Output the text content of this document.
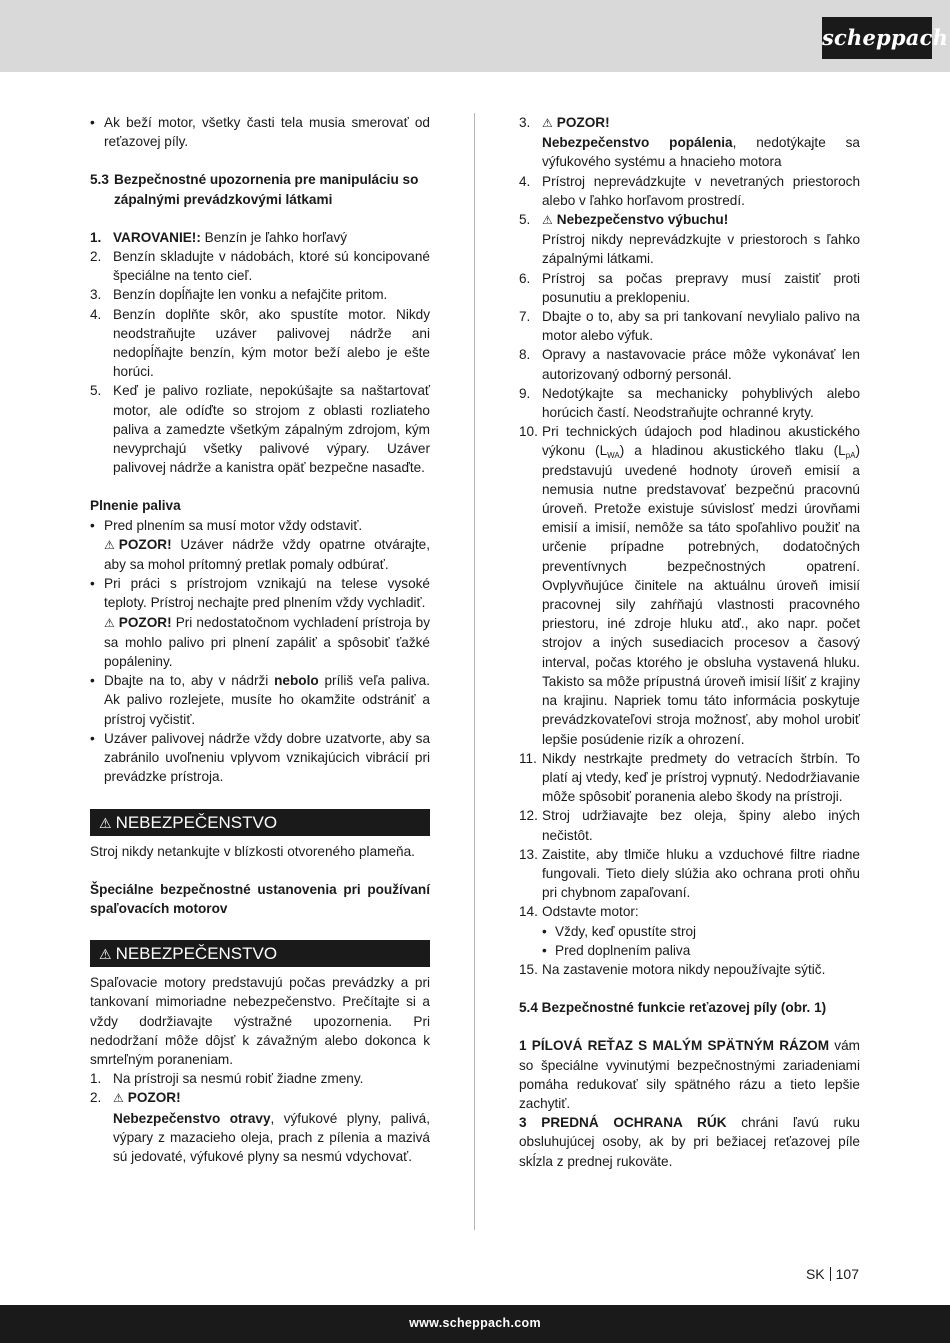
scheppach
• Ak beží motor, všetky časti tela musia smerovať od reťazovej píly.
5.3 Bezpečnostné upozornenia pre manipuláciu so zápalnými prevádzkovými látkami
1. VAROVANIE!: Benzín je ľahko horľavý
2. Benzín skladujte v nádobách, ktoré sú koncipované špeciálne na tento cieľ.
3. Benzín dopĺňajte len vonku a nefajčite pritom.
4. Benzín doplňte skôr, ako spustíte motor. Nikdy neodstraňujte uzáver palivovej nádrže ani nedopĺňajte benzín, kým motor beží alebo je ešte horúci.
5. Keď je palivo rozliate, nepokúšajte sa naštartovať motor, ale odíďte so strojom z oblasti rozliateho paliva a zamedzte všetkým zápalným zdrojom, kým nevyprchajú všetky palivové výpary. Uzáver palivovej nádrže a kanistra opäť bezpečne nasaďte.
Plnenie paliva
• Pred plnením sa musí motor vždy odstaviť.
⚠ POZOR! Uzáver nádrže vždy opatrne otvárajte, aby sa mohol prítomný pretlak pomaly odbúrať.
• Pri práci s prístrojom vznikajú na telese vysoké teploty. Prístroj nechajte pred plnením vždy vychladiť.
⚠ POZOR! Pri nedostatočnom vychladení prístroja by sa mohlo palivo pri plnení zapáliť a spôsobiť ťažké popáleniny.
• Dbajte na to, aby v nádrži nebolo príliš veľa paliva. Ak palivo rozlejete, musíte ho okamžite odstrániť a prístroj vyčistiť.
• Uzáver palivovej nádrže vždy dobre uzatvorte, aby sa zabránilo uvoľneniu vplyvom vznikajúcich vibrácií pri prevádzke prístroja.
⚠ NEBEZPEČENSTVO

Stroj nikdy netankujte v blízkosti otvoreného plameňa.

Špeciálne bezpečnostné ustanovenia pri používaní spaľovacích motorov
⚠ NEBEZPEČENSTVO

Spaľovacie motory predstavujú počas prevádzky a pri tankovaní mimoriadne nebezpečenstvo. Prečítajte si a vždy dodržiavajte výstražné upozornenia. Pri nedodržaní môže dôjsť k závažným alebo dokonca k smrteľným poraneniam.

1. Na prístroji sa nesmú robiť žiadne zmeny.
2. ⚠ POZOR!
Nebezpečenstvo otravy, výfukové plyny, palivá, výpary z mazacieho oleja, prach z pílenia a mazivá sú jedovaté, výfukové plyny sa nesmú vdychovať.
3. ⚠ POZOR!
Nebezpečenstvo popálenia, nedotýkajte sa výfukového systému a hnacieho motora
4. Prístroj neprevádzkujte v nevetraných priestoroch alebo v ľahko horľavom prostredí.
5. ⚠ Nebezpečenstvo výbuchu!
Prístroj nikdy neprevádzkujte v priestoroch s ľahko zápalnými látkami.
6. Prístroj sa počas prepravy musí zaistiť proti posunutiu a preklopeniu.
7. Dbajte o to, aby sa pri tankovaní nevylialo palivo na motor alebo výfuk.
8. Opravy a nastavovacie práce môže vykonávať len autorizovaný odborný personál.
9. Nedotýkajte sa mechanicky pohyblivých alebo horúcich častí. Neodstraňujte ochranné kryty.
10. Pri technických údajoch pod hladinou akustického výkonu $(L_{WA})$ a hladinou akustického tlaku $(L_{pA})$ predstavujú uvedené hodnoty úroveň emisií a nemusia nutne predstavovať bezpečnú pracovnú úroveň. Pretože existuje súvislosť medzi úrovňami emisií a imisií, nemôže sa táto spoľahlivo použiť na určenie prípadne potrebných, dodatočných preventívnych bezpečnostných opatrení. Ovplyvňujúce činitele na aktuálnu úroveň imisií pracovnej sily zahŕňajú vlastnosti pracovného priestoru, iné zdroje hluku atď., ako napr. počet strojov a iných susediacich procesov a časový interval, počas ktorého je obsluha vystavená hluku. Takisto sa môže prípustná úroveň imisií líšiť z krajiny na krajinu. Napriek tomu táto informácia poskytuje prevádzkovateľovi stroja možnosť, aby mohol urobiť lepšie posúdenie rizík a ohrození.
11. Nikdy nestrkajte predmety do vetracích štrbín. To platí aj vtedy, keď je prístroj vypnutý. Nedodržiavanie môže spôsobiť poranenia alebo škody na prístroji.
12. Stroj udržiavajte bez oleja, špiny alebo iných nečistôt.
13. Zaistite, aby tlmiče hluku a vzduchové filtre riadne fungovali. Tieto diely slúžia ako ochrana proti ohňu pri chybnom zapaľovaní.
14. Odstavte motor:
• Vždy, keď opustíte stroj
• Pred doplnením paliva
15. Na zastavenie motora nikdy nepoužívajte sýtič.
5.4 Bezpečnostné funkcie reťazovej píly (obr. 1)

1 PÍLOVÁ REŤAZ S MALÝM SPÄTNÝM RÁZOM vám so špeciálne vyvinutými bezpečnostnými zariadeniami pomáha redukovať sily spätného rázu a tieto lepšie zachytiť.

3 PREDNÁ OCHRANA RÚK chráni ľavú ruku obsluhujúcej osoby, ak by pri bežiacej reťazovej píle skĺzla z prednej rukoväte.

SK 107
www.scheppach.com
